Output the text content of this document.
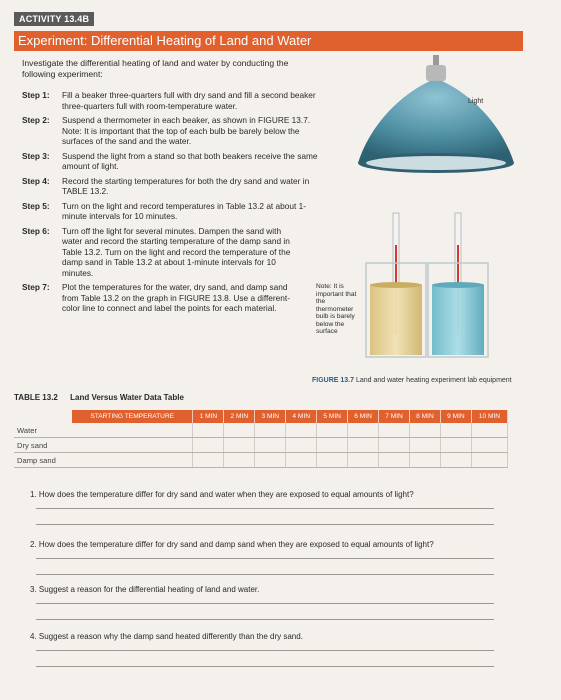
ACTIVITY 13.4B
Experiment: Differential Heating of Land and Water
Investigate the differential heating of land and water by conducting the following experiment:
Step 1:	Fill a beaker three-quarters full with dry sand and fill a second beaker three-quarters full with room-temperature water.
Step 2:	Suspend a thermometer in each beaker, as shown in FIGURE 13.7. Note: It is important that the top of each bulb be barely below the surfaces of the sand and the water.
Step 3:	Suspend the light from a stand so that both beakers receive the same amount of light.
Step 4:	Record the starting temperatures for both the dry sand and water in TABLE 13.2.
Step 5:	Turn on the light and record temperatures in Table 13.2 at about 1-minute intervals for 10 minutes.
Step 6:	Turn off the light for several minutes. Dampen the sand with water and record the starting temperature of the damp sand in Table 13.2. Turn on the light and record the temperature of the damp sand in Table 13.2 at about 1-minute intervals for 10 minutes.
Step 7:	Plot the temperatures for the water, dry sand, and damp sand from Table 13.2 on the graph in FIGURE 13.8. Use a different-color line to connect and label the points for each material.
Light
Note: It is important that the thermometer bulb is barely below the surface
FIGURE 13.7 Land and water heating experiment lab equipment
TABLE 13.2 Land Versus Water Data Table
	STARTING TEMPERATURE	1 MIN	2 MIN	3 MIN	4 MIN	5 MIN	6 MIN	7 MIN	8 MIN	9 MIN	10 MIN
Water											
Dry sand											
Damp sand											
1. How does the temperature differ for dry sand and water when they are exposed to equal amounts of light?
2. How does the temperature differ for dry sand and damp sand when they are exposed to equal amounts of light?
3. Suggest a reason for the differential heating of land and water.
4. Suggest a reason why the damp sand heated differently than the dry sand.
